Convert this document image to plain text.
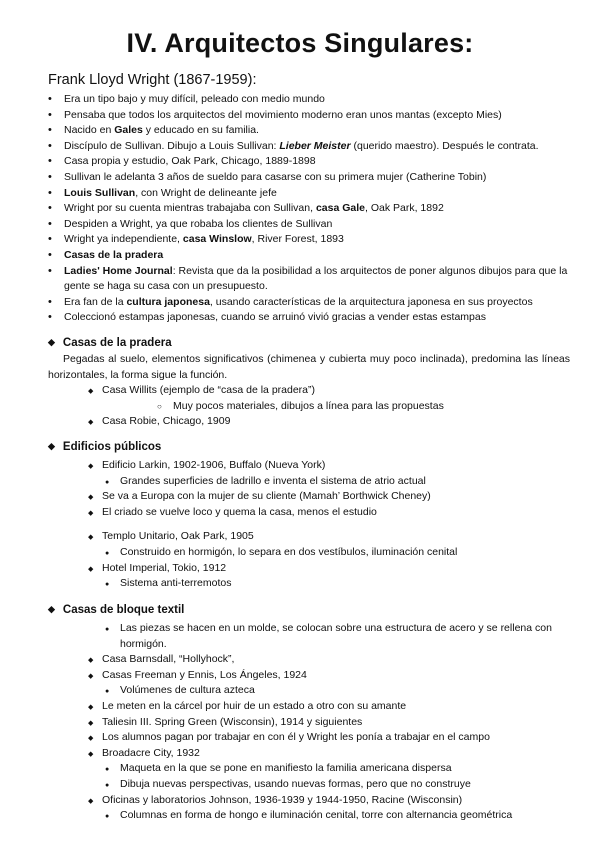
IV. Arquitectos Singulares:

Frank Lloyd Wright (1867-1959):

• Era un tipo bajo y muy difícil, peleado con medio mundo
• Pensaba que todos los arquitectos del movimiento moderno eran unos mantas (excepto Mies)
• Nacido en Gales y educado en su familia.
• Discípulo de Sullivan. Dibujo a Louis Sullivan: Lieber Meister (querido maestro). Después le contrata.
• Casa propia y estudio, Oak Park, Chicago, 1889-1898
• Sullivan le adelanta 3 años de sueldo para casarse con su primera mujer (Catherine Tobin)
• Louis Sullivan, con Wright de delineante jefe
• Wright por su cuenta mientras trabajaba con Sullivan, casa Gale, Oak Park, 1892
• Despiden a Wright, ya que robaba los clientes de Sullivan
• Wright ya independiente, casa Winslow, River Forest, 1893
• Casas de la pradera
• Ladies' Home Journal: Revista que da la posibilidad a los arquitectos de poner algunos dibujos para que la gente se haga su casa con un presupuesto.
• Era fan de la cultura japonesa, usando características de la arquitectura japonesa en sus proyectos
• Coleccionó estampas japonesas, cuando se arruinó vivió gracias a vender estas estampas
◆ Casas de la pradera

Pegadas al suelo, elementos significativos (chimenea y cubierta muy poco inclinada), predomina las líneas horizontales, la forma sigue la función.

◆ Casa Willits (ejemplo de “casa de la pradera”)
○ Muy pocos materiales, dibujos a línea para las propuestas
◆ Casa Robie, Chicago, 1909
◆ Edificios públicos
◆ Edificio Larkin, 1902-1906, Buffalo (Nueva York)
● Grandes superficies de ladrillo e inventa el sistema de atrio actual
◆ Se va a Europa con la mujer de su cliente (Mamah’ Borthwick Cheney)
◆ El criado se vuelve loco y quema la casa, menos el estudio
◆ Templo Unitario, Oak Park, 1905
● Construido en hormigón, lo separa en dos vestíbulos, iluminación cenital
◆ Hotel Imperial, Tokio, 1912
● Sistema anti-terremotos
◆ Casas de bloque textil
● Las piezas se hacen en un molde, se colocan sobre una estructura de acero y se rellena con hormigón.
◆ Casa Barnsdall, “Hollyhock”,
◆ Casas Freeman y Ennis, Los Ángeles, 1924
● Volúmenes de cultura azteca
◆ Le meten en la cárcel por huir de un estado a otro con su amante
◆ Taliesin III. Spring Green (Wisconsin), 1914 y siguientes
◆ Los alumnos pagan por trabajar en con él y Wright les ponía a trabajar en el campo
◆ Broadacre City, 1932
● Maqueta en la que se pone en manifiesto la familia americana dispersa
● Dibuja nuevas perspectivas, usando nuevas formas, pero que no construye
◆ Oficinas y laboratorios Johnson, 1936-1939 y 1944-1950, Racine (Wisconsin)
● Columnas en forma de hongo e iluminación cenital, torre con alternancia geométrica
